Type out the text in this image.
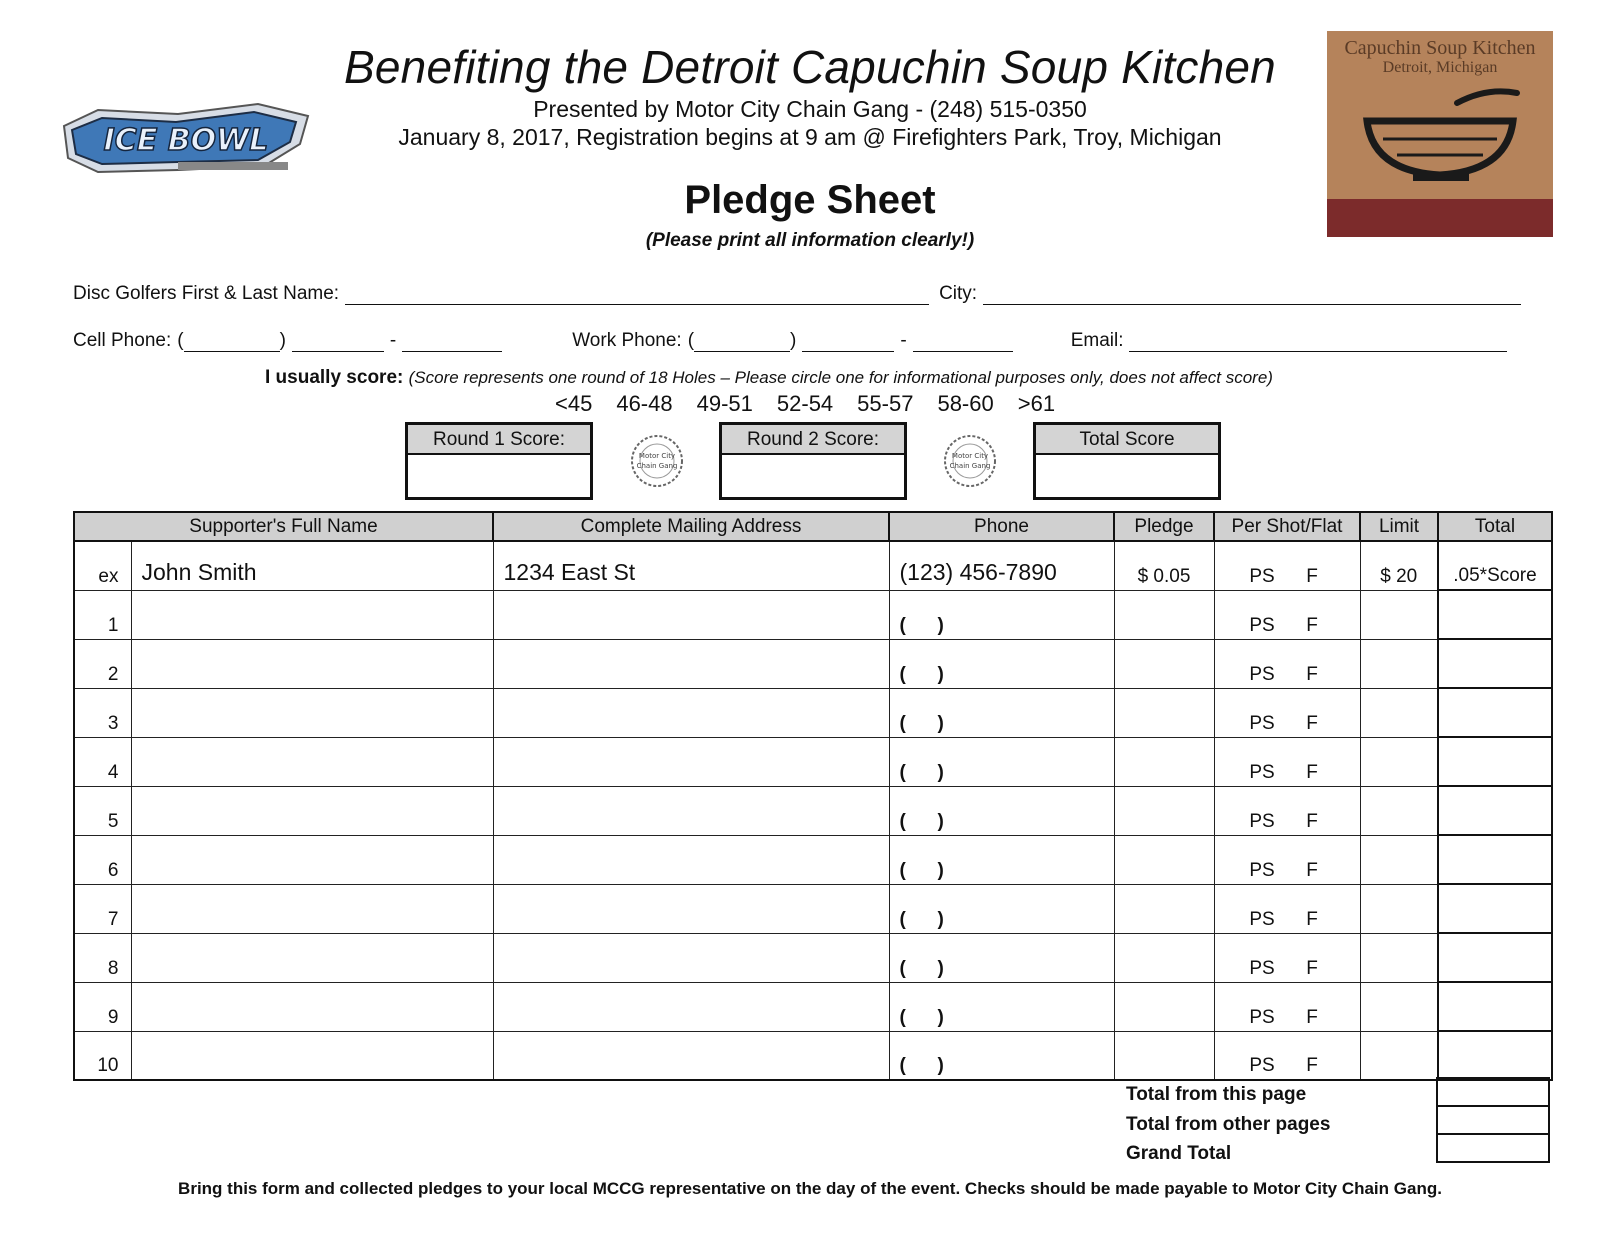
ICE BOWL
Benefiting the Detroit Capuchin Soup Kitchen
Presented by Motor City Chain Gang - (248) 515-0350
January 8, 2017, Registration begins at 9 am @ Firefighters Park, Troy, Michigan
Pledge Sheet
(Please print all information clearly!)
Capuchin Soup Kitchen
Detroit, Michigan
Disc Golfers First & Last Name:	City:
Cell Phone: (	)	-	Work Phone: (	)	-	Email:
I usually score: (Score represents one round of 18 Holes – Please circle one for informational purposes only, does not affect score)
<45 46-48 49-51 52-54 55-57 58-60 >61
Round 1 Score:
Motor City
Chain Gang
Round 2 Score:
Motor City
Chain Gang
Total Score
Supporter's Full Name		Complete Mailing Address	Phone	Pledge	Per Shot/Flat	Limit	Total
ex	John Smith	1234 East St	(123) 456-7890	$ 0.05	PS F	$ 20	.05*Score
1			(      )		PS F		
2			(      )		PS F		
3			(      )		PS F		
4			(      )		PS F		
5			(      )		PS F		
6			(      )		PS F		
7			(      )		PS F		
8			(      )		PS F		
9			(      )		PS F		
10			(      )		PS F		
Total from this page
Total from other pages
Grand Total
Bring this form and collected pledges to your local MCCG representative on the day of the event. Checks should be made payable to Motor City Chain Gang.
